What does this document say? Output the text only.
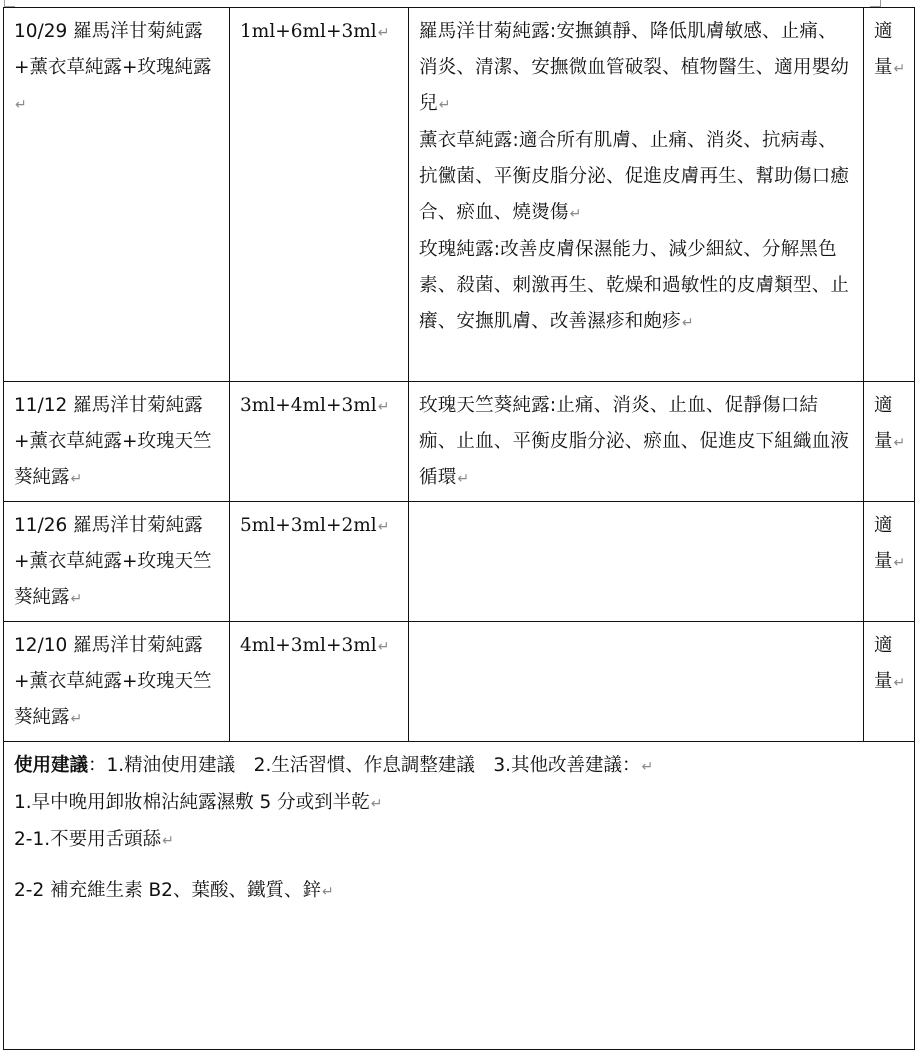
10/29 羅馬洋甘菊純露+薰衣草純露+玫瑰純露↵	1ml+6ml+3ml↵	羅馬洋甘菊純露:安撫鎮靜、降低肌膚敏感、止痛、消炎、清潔、安撫微血管破裂、植物醫生、適用嬰幼兒↵

薰衣草純露:適合所有肌膚、止痛、消炎、抗病毒、抗黴菌、平衡皮脂分泌、促進皮膚再生、幫助傷口癒合、瘀血、燒燙傷↵

玫瑰純露:改善皮膚保濕能力、減少細紋、分解黑色素、殺菌、刺激再生、乾燥和過敏性的皮膚類型、止癢、安撫肌膚、改善濕疹和皰疹↵	適量↵
11/12 羅馬洋甘菊純露+薰衣草純露+玫瑰天竺葵純露↵	3ml+4ml+3ml↵	玫瑰天竺葵純露:止痛、消炎、止血、促靜傷口結痂、止血、平衡皮脂分泌、瘀血、促進皮下組織血液循環↵	適量↵
11/26 羅馬洋甘菊純露+薰衣草純露+玫瑰天竺葵純露↵	5ml+3ml+2ml↵		適量↵
12/10 羅馬洋甘菊純露+薰衣草純露+玫瑰天竺葵純露↵	4ml+3ml+3ml↵		適量↵

使用建議：1.精油使用建議　2.生活習慣、作息調整建議　3.其他改善建議：↵

1.早中晚用卸妝棉沾純露濕敷 5 分或到半乾↵

2-1.不要用舌頭舔↵

2-2 補充維生素 B2、葉酸、鐵質、鋅↵			
